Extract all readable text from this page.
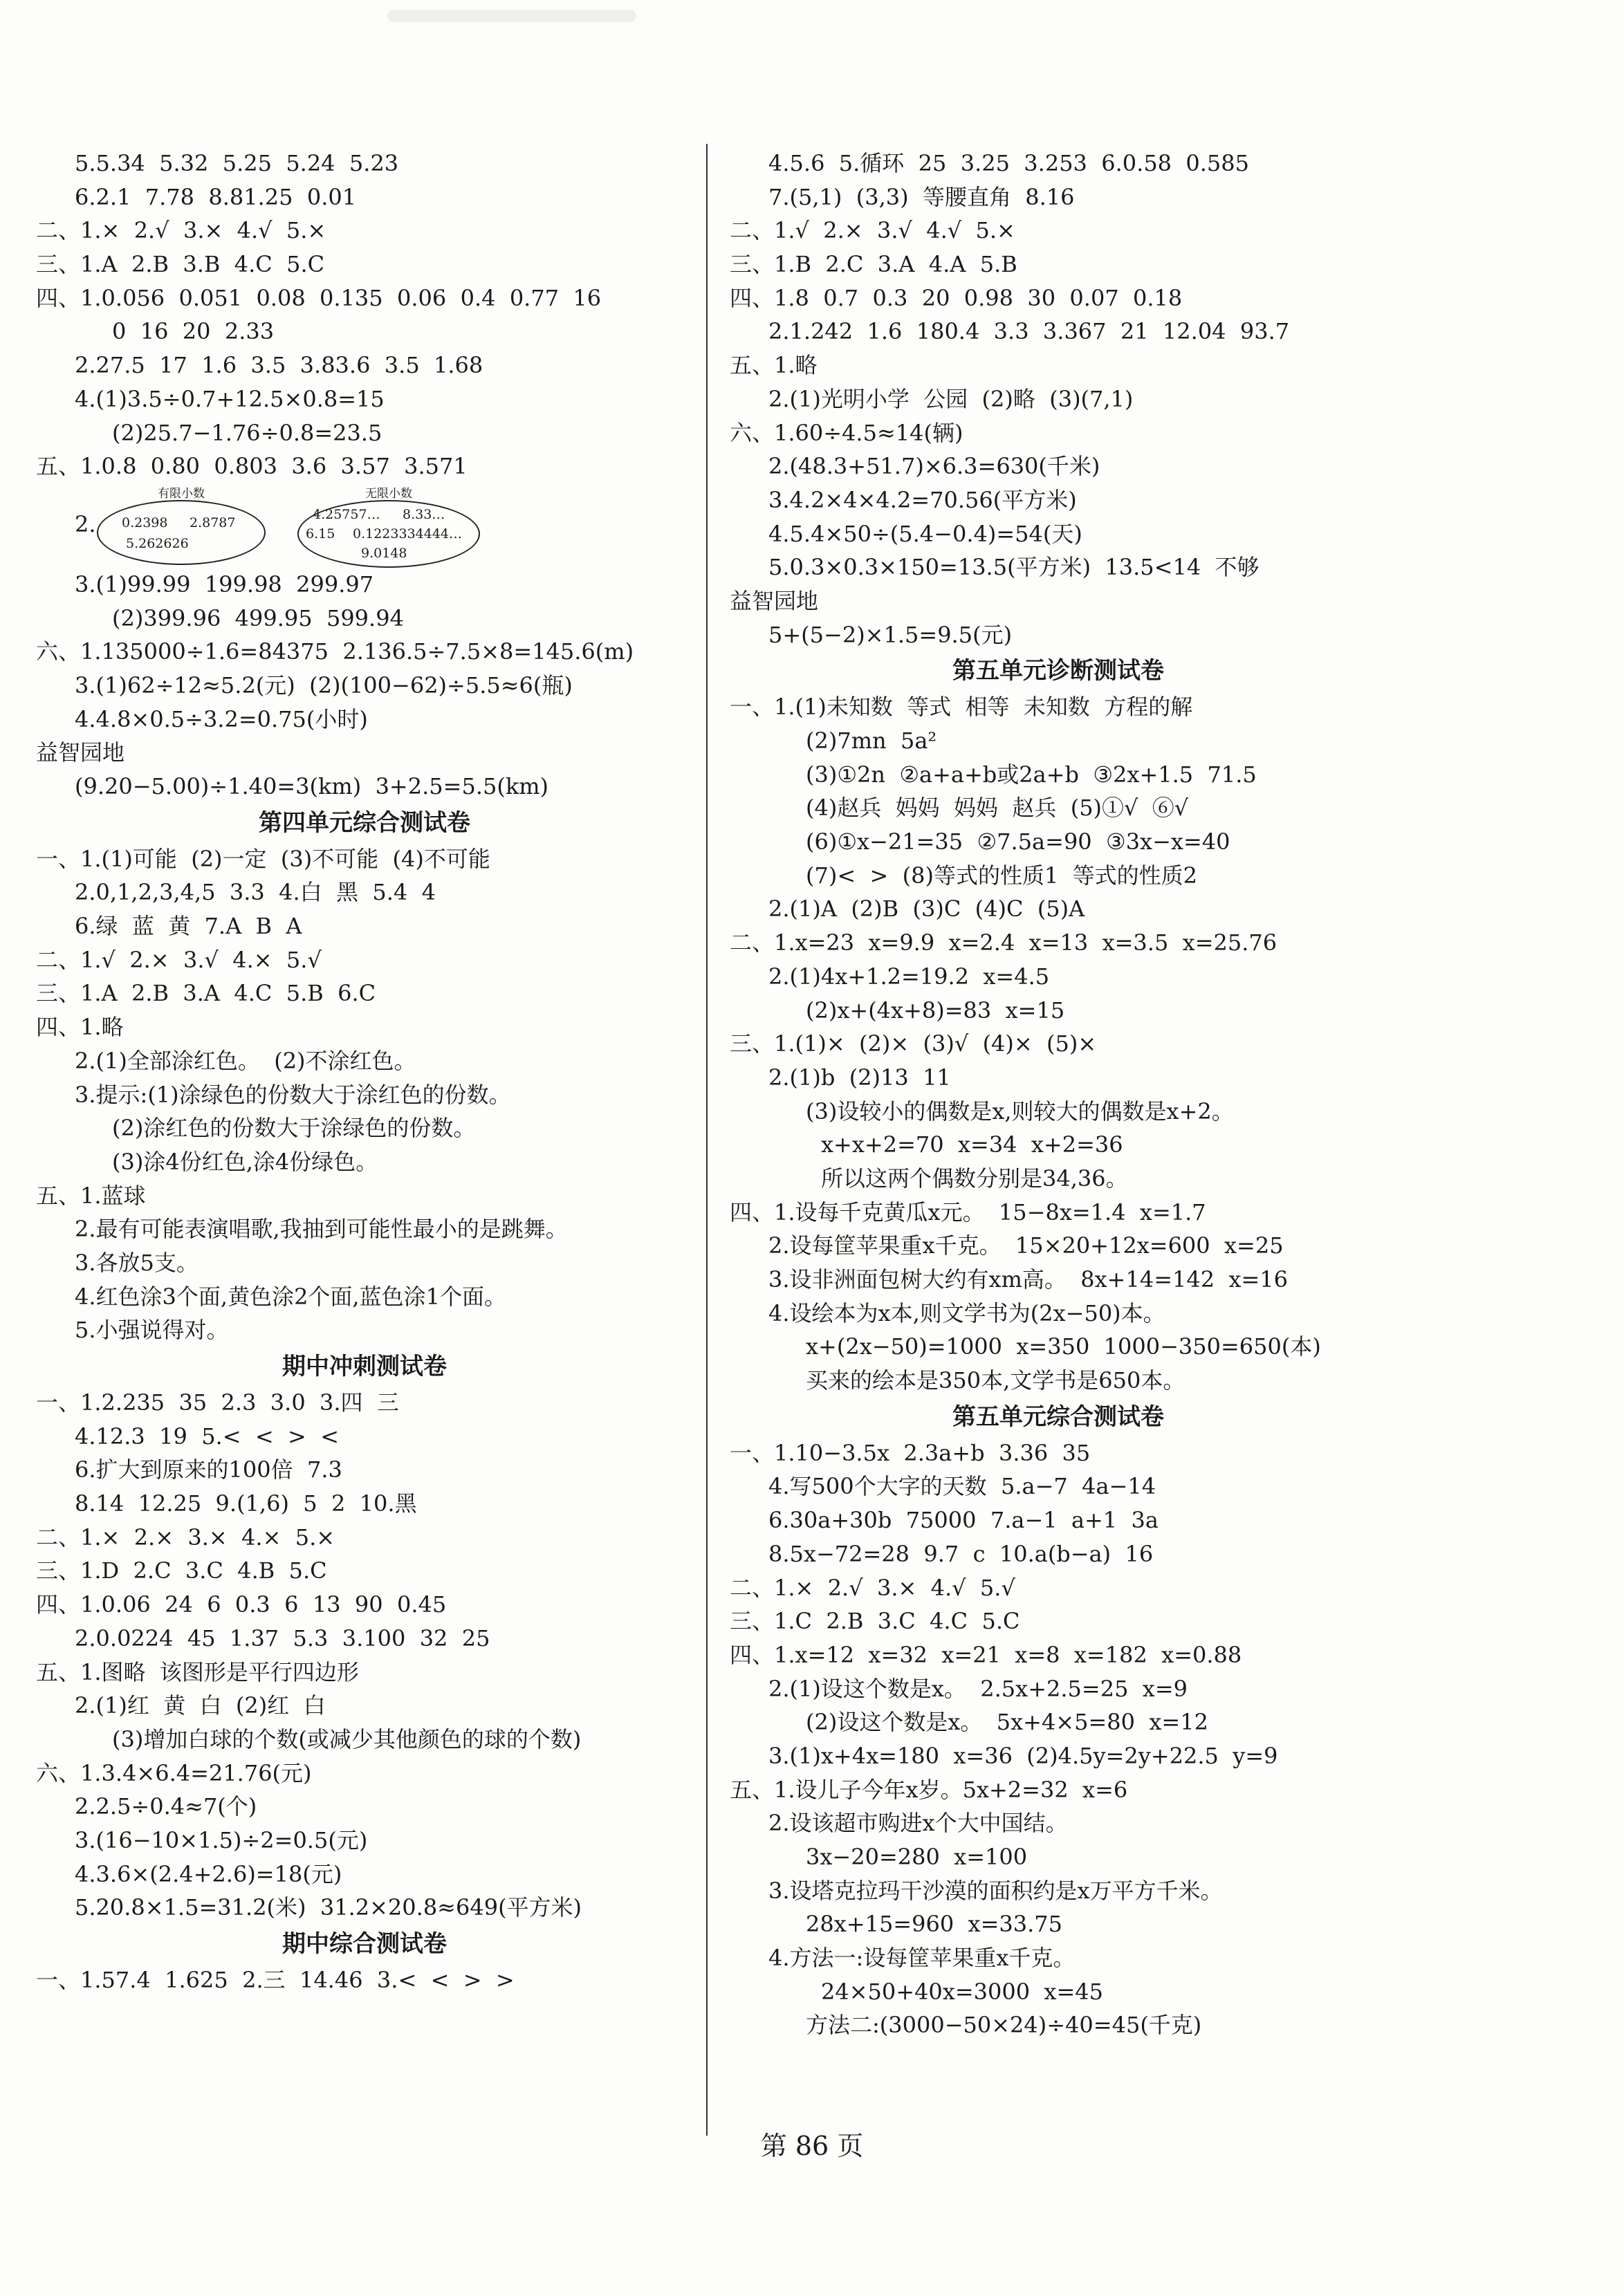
5.5.34  5.32  5.25  5.24  5.23
6.2.1  7.78  8.81.25  0.01
二、1.×  2.√  3.×  4.√  5.×
三、1.A  2.B  3.B  4.C  5.C
四、1.0.056  0.051  0.08  0.135  0.06  0.4  0.77  16
0  16  20  2.33
2.27.5  17  1.6  3.5  3.83.6  3.5  1.68
4.(1)3.5÷0.7+12.5×0.8=15
(2)25.7−1.76÷0.8=23.5
五、1.0.8  0.80  0.803  3.6  3.57  3.571
2.
有限小数
0.2398 2.8787
5.262626
无限小数
4.25757… 8.33…
6.15 0.1223334444…
9.0148
3.(1)99.99  199.98  299.97
(2)399.96  499.95  599.94
六、1.135000÷1.6=84375  2.136.5÷7.5×8=145.6(m)
3.(1)62÷12≈5.2(元)  (2)(100−62)÷5.5≈6(瓶)
4.4.8×0.5÷3.2=0.75(小时)
益智园地
(9.20−5.00)÷1.40=3(km)  3+2.5=5.5(km)
第四单元综合测试卷
一、1.(1)可能  (2)一定  (3)不可能  (4)不可能
2.0,1,2,3,4,5  3.3  4.白  黑  5.4  4
6.绿  蓝  黄  7.A  B  A
二、1.√  2.×  3.√  4.×  5.√
三、1.A  2.B  3.A  4.C  5.B  6.C
四、1.略
2.(1)全部涂红色。  (2)不涂红色。
3.提示:(1)涂绿色的份数大于涂红色的份数。
(2)涂红色的份数大于涂绿色的份数。
(3)涂4份红色,涂4份绿色。
五、1.蓝球
2.最有可能表演唱歌,我抽到可能性最小的是跳舞。
3.各放5支。
4.红色涂3个面,黄色涂2个面,蓝色涂1个面。
5.小强说得对。
期中冲刺测试卷
一、1.2.235  35  2.3  3.0  3.四  三
4.12.3  19  5.<  <  >  <
6.扩大到原来的100倍  7.3
8.14  12.25  9.(1,6)  5  2  10.黑
二、1.×  2.×  3.×  4.×  5.×
三、1.D  2.C  3.C  4.B  5.C
四、1.0.06  24  6  0.3  6  13  90  0.45
2.0.0224  45  1.37  5.3  3.100  32  25
五、1.图略  该图形是平行四边形
2.(1)红  黄  白  (2)红  白
(3)增加白球的个数(或减少其他颜色的球的个数)
六、1.3.4×6.4=21.76(元)
2.2.5÷0.4≈7(个)
3.(16−10×1.5)÷2=0.5(元)
4.3.6×(2.4+2.6)=18(元)
5.20.8×1.5=31.2(米)  31.2×20.8≈649(平方米)
期中综合测试卷
一、1.57.4  1.625  2.三  14.46  3.<  <  >  >
4.5.6  5.循环  25  3.25  3.253  6.0.58  0.585
7.(5,1)  (3,3)  等腰直角  8.16
二、1.√  2.×  3.√  4.√  5.×
三、1.B  2.C  3.A  4.A  5.B
四、1.8  0.7  0.3  20  0.98  30  0.07  0.18
2.1.242  1.6  180.4  3.3  3.367  21  12.04  93.7
五、1.略
2.(1)光明小学  公园  (2)略  (3)(7,1)
六、1.60÷4.5≈14(辆)
2.(48.3+51.7)×6.3=630(千米)
3.4.2×4×4.2=70.56(平方米)
4.5.4×50÷(5.4−0.4)=54(天)
5.0.3×0.3×150=13.5(平方米)  13.5<14  不够
益智园地
5+(5−2)×1.5=9.5(元)
第五单元诊断测试卷
一、1.(1)未知数  等式  相等  未知数  方程的解
(2)7mn  5a²
(3)①2n  ②a+a+b或2a+b  ③2x+1.5  71.5
(4)赵兵  妈妈  妈妈  赵兵  (5)①√  ⑥√
(6)①x−21=35  ②7.5a=90  ③3x−x=40
(7)<  >  (8)等式的性质1  等式的性质2
2.(1)A  (2)B  (3)C  (4)C  (5)A
二、1.x=23  x=9.9  x=2.4  x=13  x=3.5  x=25.76
2.(1)4x+1.2=19.2  x=4.5
(2)x+(4x+8)=83  x=15
三、1.(1)×  (2)×  (3)√  (4)×  (5)×
2.(1)b  (2)13  11
(3)设较小的偶数是x,则较大的偶数是x+2。
x+x+2=70  x=34  x+2=36
所以这两个偶数分别是34,36。
四、1.设每千克黄瓜x元。  15−8x=1.4  x=1.7
2.设每筐苹果重x千克。  15×20+12x=600  x=25
3.设非洲面包树大约有xm高。  8x+14=142  x=16
4.设绘本为x本,则文学书为(2x−50)本。
x+(2x−50)=1000  x=350  1000−350=650(本)
买来的绘本是350本,文学书是650本。
第五单元综合测试卷
一、1.10−3.5x  2.3a+b  3.36  35
4.写500个大字的天数  5.a−7  4a−14
6.30a+30b  75000  7.a−1  a+1  3a
8.5x−72=28  9.7  c  10.a(b−a)  16
二、1.×  2.√  3.×  4.√  5.√
三、1.C  2.B  3.C  4.C  5.C
四、1.x=12  x=32  x=21  x=8  x=182  x=0.88
2.(1)设这个数是x。  2.5x+2.5=25  x=9
(2)设这个数是x。  5x+4×5=80  x=12
3.(1)x+4x=180  x=36  (2)4.5y=2y+22.5  y=9
五、1.设儿子今年x岁。5x+2=32  x=6
2.设该超市购进x个大中国结。
3x−20=280  x=100
3.设塔克拉玛干沙漠的面积约是x万平方千米。
28x+15=960  x=33.75
4.方法一:设每筐苹果重x千克。
24×50+40x=3000  x=45
方法二:(3000−50×24)÷40=45(千克)
第 86 页
